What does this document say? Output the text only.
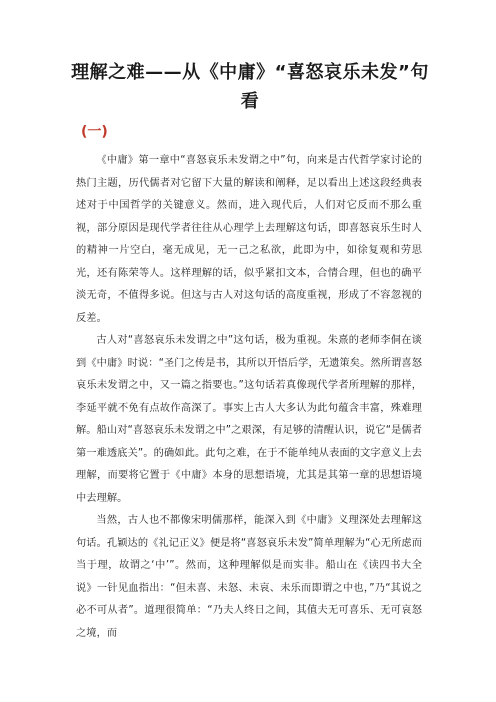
理解之难——从《中庸》“喜怒哀乐未发”句看
(一)

《中庸》第一章中“喜怒哀乐未发谓之中”句，向来是古代哲学家讨论的热门主题，历代儒者对它留下大量的解读和阐释，足以看出上述这段经典表述对于中国哲学的关键意义。然而，进入现代后，人们对它反而不那么重视，部分原因是现代学者往往从心理学上去理解这句话，即喜怒哀乐生时人的精神一片空白，毫无成见，无一己之私欲，此即为中，如徐复观和劳思光，还有陈荣等人。这样理解的话，似乎紧扣文本，合情合理，但也的确平淡无奇，不值得多说。但这与古人对这句话的高度重视，形成了不容忽视的反差。

古人对“喜怒哀乐未发谓之中”这句话，极为重视。朱熹的老师李侗在谈到《中庸》时说：“圣门之传是书，其所以开悟后学，无遗策矣。然所谓喜怒哀乐未发谓之中，又一篇之指要也。”这句话若真像现代学者所理解的那样，李延平就不免有点故作高深了。事实上古人大多认为此句蕴含丰富，殊难理解。船山对“喜怒哀乐未发谓之中”之艰深，有足够的清醒认识，说它“是儒者第一难透底关”。的确如此。此句之难，在于不能单纯从表面的文字意义上去理解，而要将它置于《中庸》本身的思想语境，尤其是其第一章的思想语境中去理解。

当然，古人也不都像宋明儒那样，能深入到《中庸》义理深处去理解这句话。孔颖达的《礼记正义》便是将“喜怒哀乐未发”简单理解为“心无所虑而当于理，故谓之‘中’”。然而，这种理解似是而实非。船山在《读四书大全说》一针见血指出：“但未喜、未怒、未哀、未乐而即谓之中也，”乃“其说之必不可从者”。道理很简单：“乃夫人终日之间，其值夫无可喜乐、无可哀怒之境，而
